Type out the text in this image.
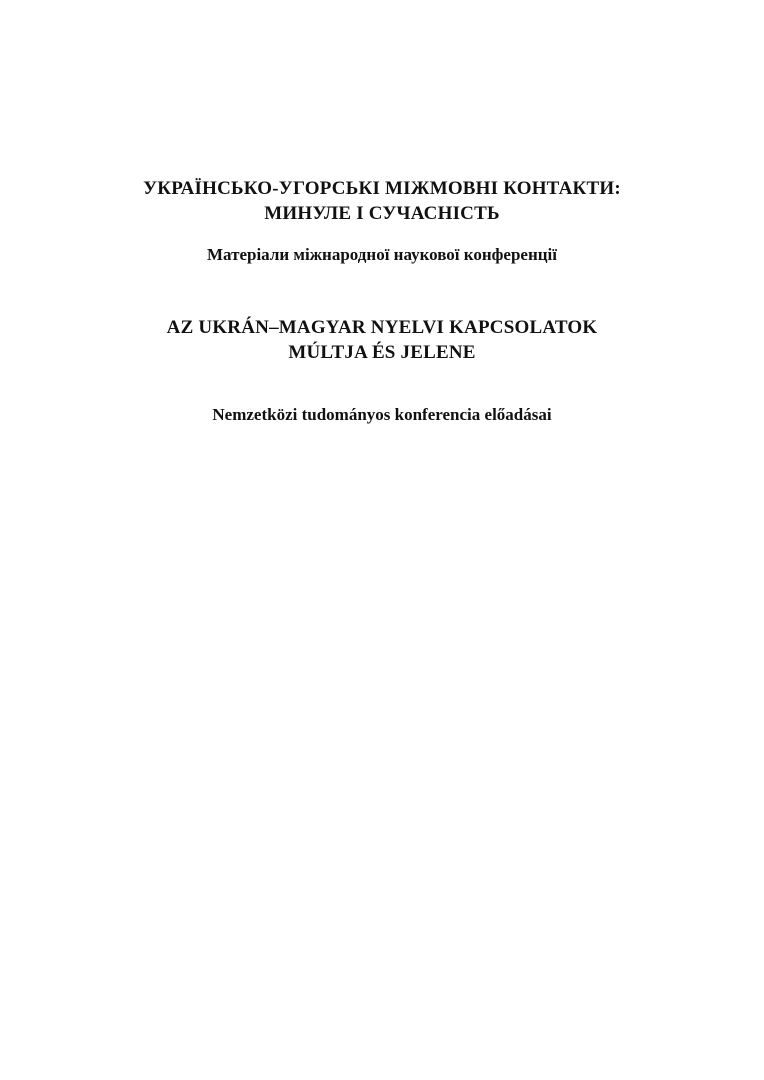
УКРАЇНСЬКО-УГОРСЬКІ МІЖМОВНІ КОНТАКТИ:
МИНУЛЕ І СУЧАСНІСТЬ
Матеріали міжнародної наукової конференції
AZ UKRÁN–MAGYAR NYELVI KAPCSOLATOK
MÚLTJA ÉS JELENE
Nemzetközi tudományos konferencia előadásai
